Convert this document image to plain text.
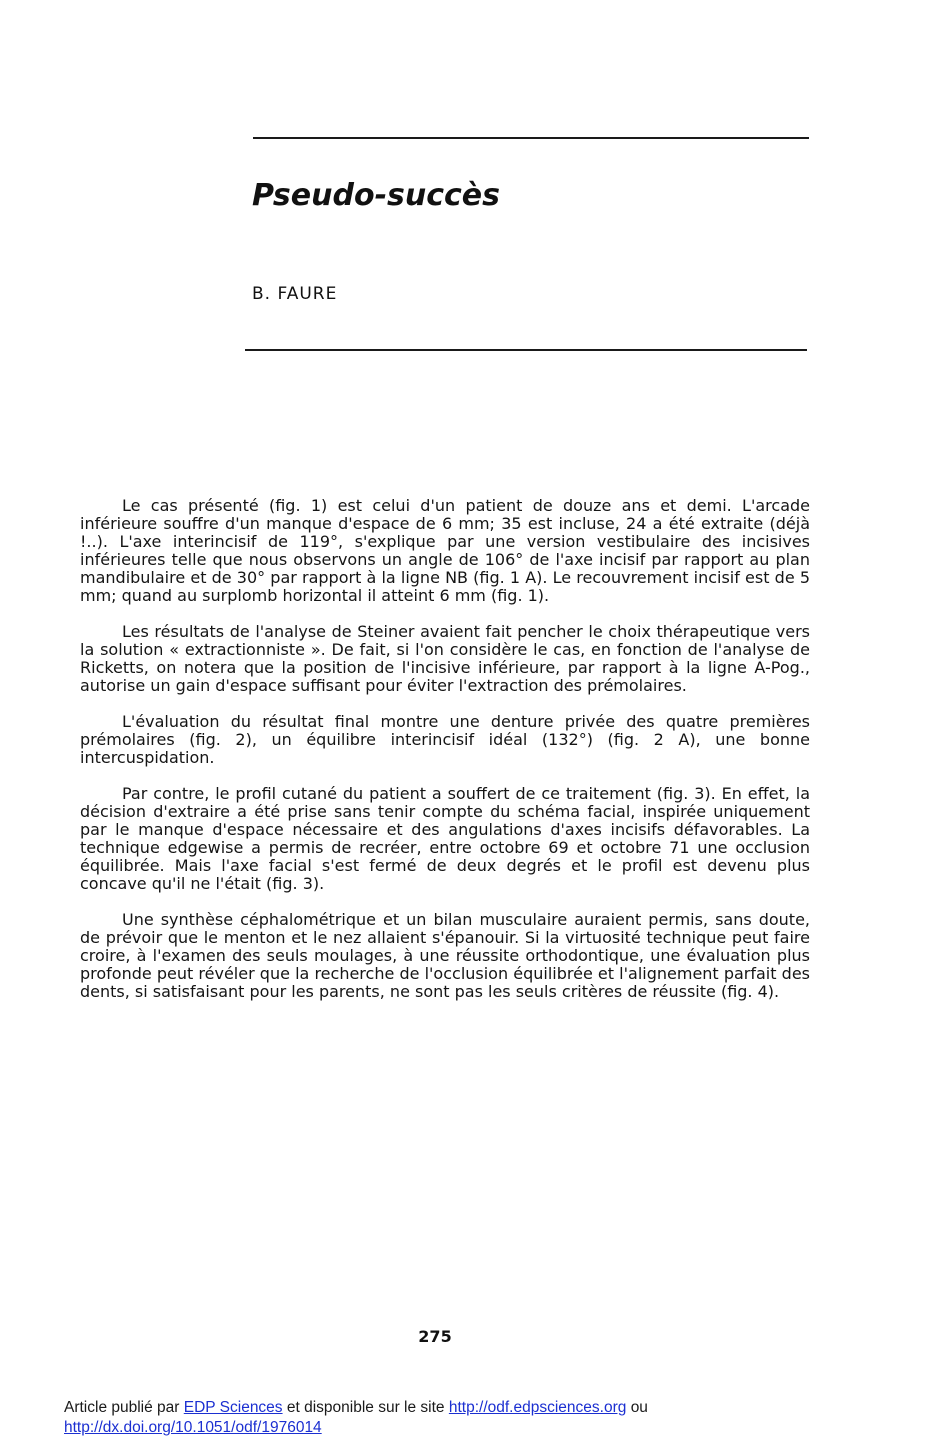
Pseudo-succès

B. FAURE

Le cas présenté (fig. 1) est celui d'un patient de douze ans et demi. L'arcade inférieure souffre d'un manque d'espace de 6 mm; 35 est incluse, 24 a été extraite (déjà !..). L'axe interincisif de 119°, s'explique par une version vestibulaire des incisives inférieures telle que nous observons un angle de 106° de l'axe incisif par rapport au plan mandibulaire et de 30° par rapport à la ligne NB (fig. 1 A). Le recouvrement incisif est de 5 mm; quand au surplomb horizontal il atteint 6 mm (fig. 1).

Les résultats de l'analyse de Steiner avaient fait pencher le choix thérapeutique vers la solution « extractionniste ». De fait, si l'on considère le cas, en fonction de l'analyse de Ricketts, on notera que la position de l'incisive inférieure, par rapport à la ligne A-Pog., autorise un gain d'espace suffisant pour éviter l'extraction des prémolaires.

L'évaluation du résultat final montre une denture privée des quatre premières prémolaires (fig. 2), un équilibre interincisif idéal (132°) (fig. 2 A), une bonne intercuspidation.

Par contre, le profil cutané du patient a souffert de ce traitement (fig. 3). En effet, la décision d'extraire a été prise sans tenir compte du schéma facial, inspirée uniquement par le manque d'espace nécessaire et des angulations d'axes incisifs défavorables. La technique edgewise a permis de recréer, entre octobre 69 et octobre 71 une occlusion équilibrée. Mais l'axe facial s'est fermé de deux degrés et le profil est devenu plus concave qu'il ne l'était (fig. 3).

Une synthèse céphalométrique et un bilan musculaire auraient permis, sans doute, de prévoir que le menton et le nez allaient s'épanouir. Si la virtuosité technique peut faire croire, à l'examen des seuls moulages, à une réussite orthodontique, une évaluation plus profonde peut révéler que la recherche de l'occlusion équilibrée et l'alignement parfait des dents, si satisfaisant pour les parents, ne sont pas les seuls critères de réussite (fig. 4).

275

Article publié par EDP Sciences et disponible sur le site http://odf.edpsciences.org ou
http://dx.doi.org/10.1051/odf/1976014
